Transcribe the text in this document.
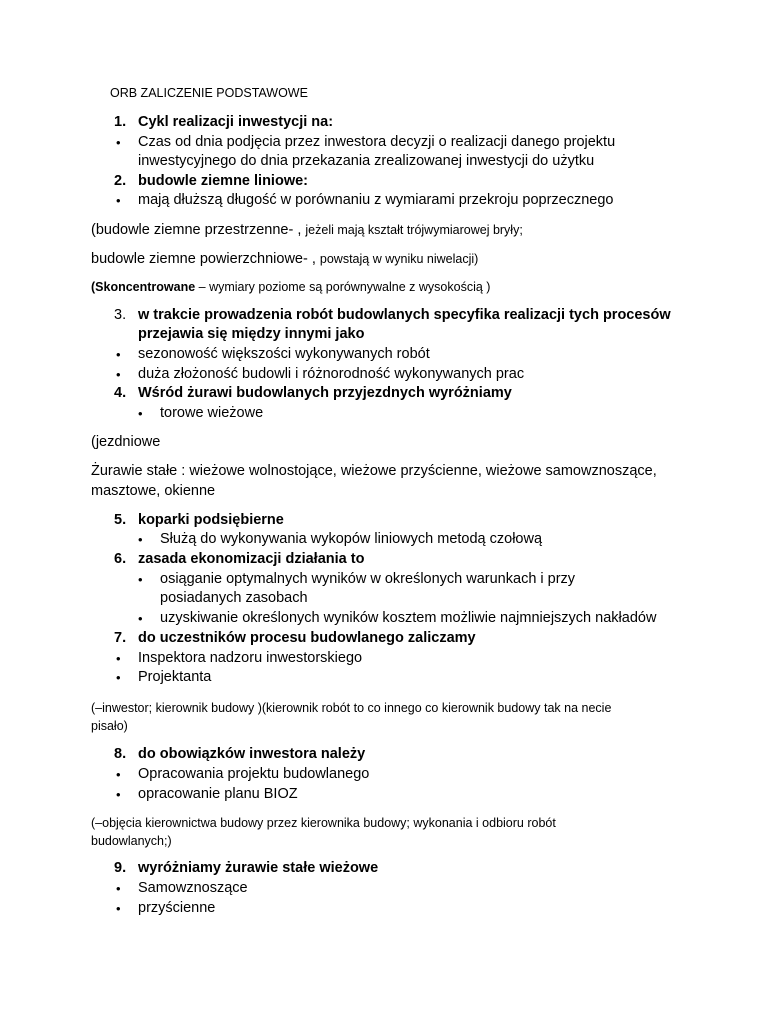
ORB ZALICZENIE PODSTAWOWE
1. Cykl realizacji inwestycji na:
• Czas od dnia podjęcia przez inwestora decyzji o realizacji danego projektu
inwestycyjnego do dnia przekazania zrealizowanej inwestycji do użytku
2. budowle ziemne liniowe:
• mają dłuższą długość w porównaniu z wymiarami przekroju poprzecznego
(budowle ziemne przestrzenne- , jeżeli mają kształt trójwymiarowej bryły;
budowle ziemne powierzchniowe- , powstają w wyniku niwelacji)
(Skoncentrowane – wymiary poziome są porównywalne z wysokością )
3. w trakcie prowadzenia robót budowlanych specyfika realizacji tych procesów
przejawia się między innymi jako
• sezonowość większości wykonywanych robót
• duża złożoność budowli i różnorodność wykonywanych prac
4. Wśród żurawi budowlanych przyjezdnych wyróżniamy
• torowe wieżowe
(jezdniowe
Żurawie stałe : wieżowe wolnostojące, wieżowe przyścienne, wieżowe samowznoszące,
masztowe, okienne
5. koparki podsiębierne
• Służą do wykonywania wykopów liniowych metodą czołową
6. zasada ekonomizacji działania to
• osiąganie optymalnych wyników w określonych warunkach i przy
posiadanych zasobach
• uzyskiwanie określonych wyników kosztem możliwie najmniejszych nakładów
7. do uczestników procesu budowlanego zaliczamy
• Inspektora nadzoru inwestorskiego
• Projektanta
(–inwestor; kierownik budowy )(kierownik robót to co innego co kierownik budowy tak na necie
pisało)
8. do obowiązków inwestora należy
• Opracowania projektu budowlanego
• opracowanie planu BIOZ
(–objęcia kierownictwa budowy przez kierownika budowy; wykonania i odbioru robót
budowlanych;)
9. wyróżniamy żurawie stałe wieżowe
• Samowznoszące
• przyścienne
